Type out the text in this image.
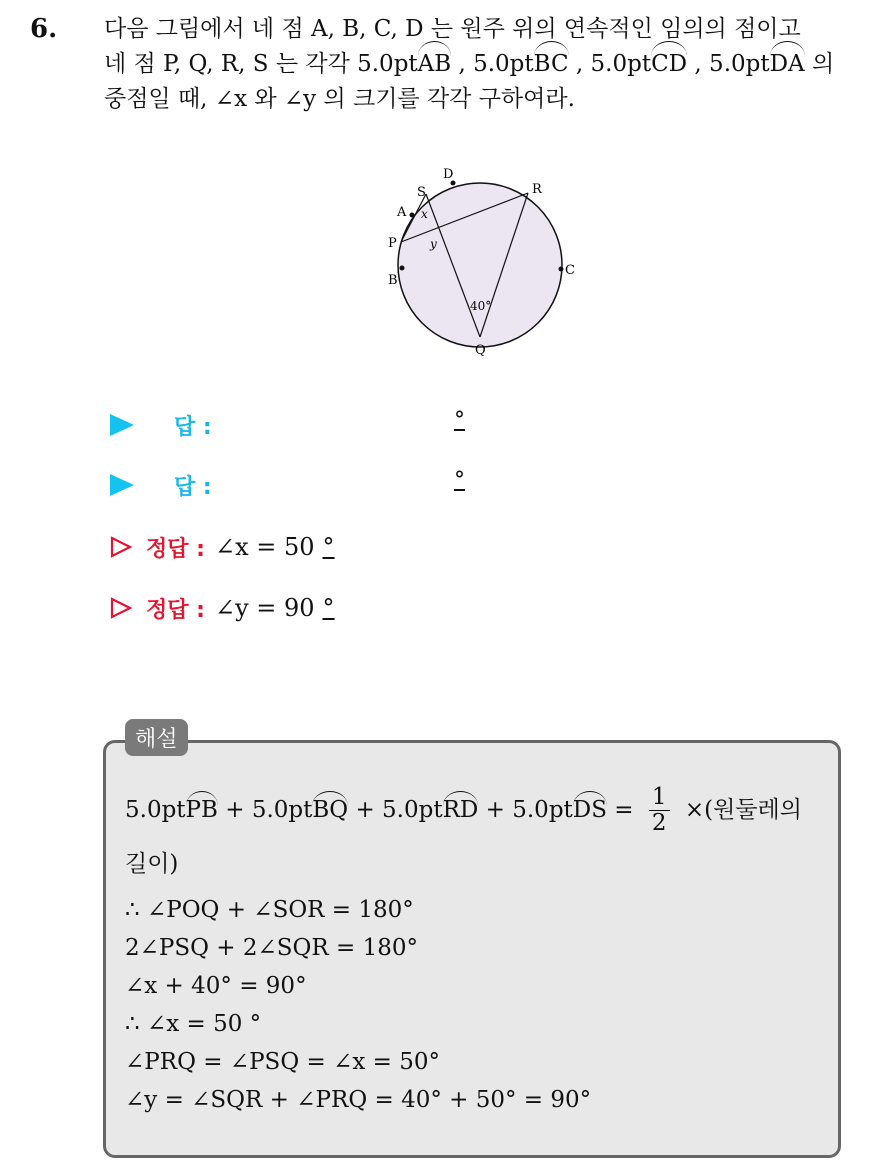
6. 다음 그림에서 네 점 A, B, C, D 는 원주 위의 연속적인 임의의 점이고
네 점 P, Q, R, S 는 각각 5.0ptAB , 5.0ptBC , 5.0ptCD , 5.0ptDA 의
중점일 때, ∠x 와 ∠y 의 크기를 각각 구하여라.
D
S	R
A
P
B
C
Q
x
y
40°
답 :	°
답 :	°
정답 : ∠x = 50 °
정답 : ∠y = 90 °
해설
5.0ptPB + 5.0ptBQ + 5.0ptRD + 5.0ptDS = $\frac{1}{2}$ ×(원둘레의
길이)
∴ ∠POQ + ∠SOR = 180°
2∠PSQ + 2∠SQR = 180°
∠x + 40° = 90°
∴ ∠x = 50 °
∠PRQ = ∠PSQ = ∠x = 50°
∠y = ∠SQR + ∠PRQ = 40° + 50° = 90°
